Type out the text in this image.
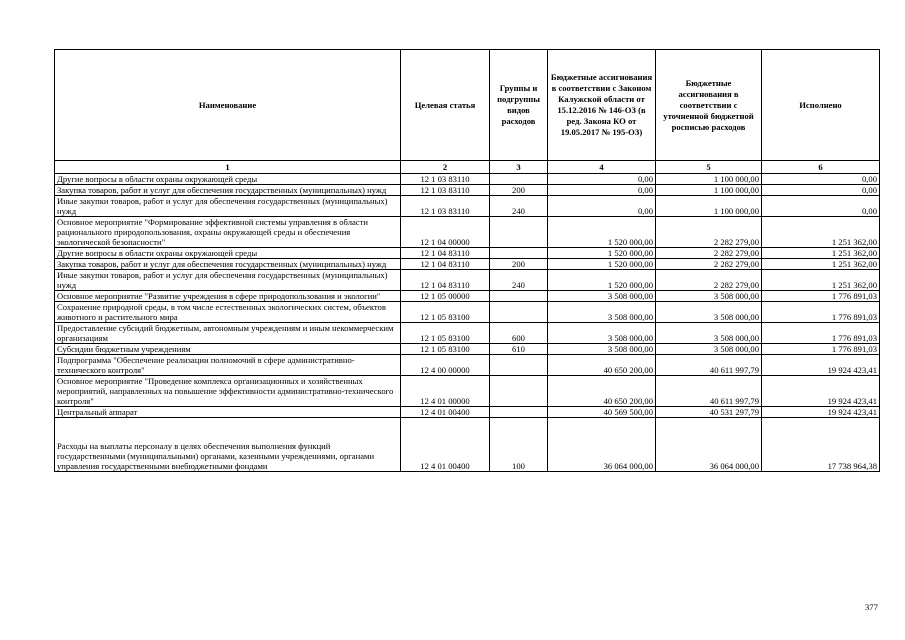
Наименование	Целевая статья	Группы и подгруппы видов расходов	Бюджетные ассигнования в соответствии с Законом Калужской области от 15.12.2016 № 146-ОЗ (в ред. Закона КО от 19.05.2017 № 195-ОЗ)	Бюджетные ассигнования в соответствии с уточненной бюджетной росписью расходов	Исполнено
1	2	3	4	5	6
Другие вопросы в области охраны окружающей среды	12 1 03 83110		0,00	1 100 000,00	0,00
Закупка товаров, работ и услуг для обеспечения государственных (муниципальных) нужд	12 1 03 83110	200	0,00	1 100 000,00	0,00
Иные закупки товаров, работ и услуг для обеспечения государственных (муниципальных) нужд	12 1 03 83110	240	0,00	1 100 000,00	0,00
Основное мероприятие "Формирование эффективной системы управления в области рационального природопользования, охраны окружающей среды и обеспечения экологической безопасности"	12 1 04 00000		1 520 000,00	2 282 279,00	1 251 362,00
Другие вопросы в области охраны окружающей среды	12 1 04 83110		1 520 000,00	2 282 279,00	1 251 362,00
Закупка товаров, работ и услуг для обеспечения государственных (муниципальных) нужд	12 1 04 83110	200	1 520 000,00	2 282 279,00	1 251 362,00
Иные закупки товаров, работ и услуг для обеспечения государственных (муниципальных) нужд	12 1 04 83110	240	1 520 000,00	2 282 279,00	1 251 362,00
Основное мероприятие "Развитие учреждения в сфере природопользования и экологии"	12 1 05 00000		3 508 000,00	3 508 000,00	1 776 891,03
Сохранение природной среды, в том числе естественных экологических систем, объектов животного и растительного мира	12 1 05 83100		3 508 000,00	3 508 000,00	1 776 891,03
Предоставление субсидий бюджетным, автономным учреждениям и иным некоммерческим организациям	12 1 05 83100	600	3 508 000,00	3 508 000,00	1 776 891,03
Субсидии бюджетным учреждениям	12 1 05 83100	610	3 508 000,00	3 508 000,00	1 776 891,03
Подпрограмма "Обеспечение реализации полномочий в сфере административно-технического контроля"	12 4 00 00000		40 650 200,00	40 611 997,79	19 924 423,41
Основное мероприятие "Проведение комплекса организационных и хозяйственных мероприятий, направленных на повышение эффективности административно-технического контроля"	12 4 01 00000		40 650 200,00	40 611 997,79	19 924 423,41
Центральный аппарат	12 4 01 00400		40 569 500,00	40 531 297,79	19 924 423,41
Расходы на выплаты персоналу в целях обеспечения выполнения функций государственными (муниципальными) органами, казенными учреждениями, органами управления государственными внебюджетными фондами	12 4 01 00400	100	36 064 000,00	36 064 000,00	17 738 964,38
377
